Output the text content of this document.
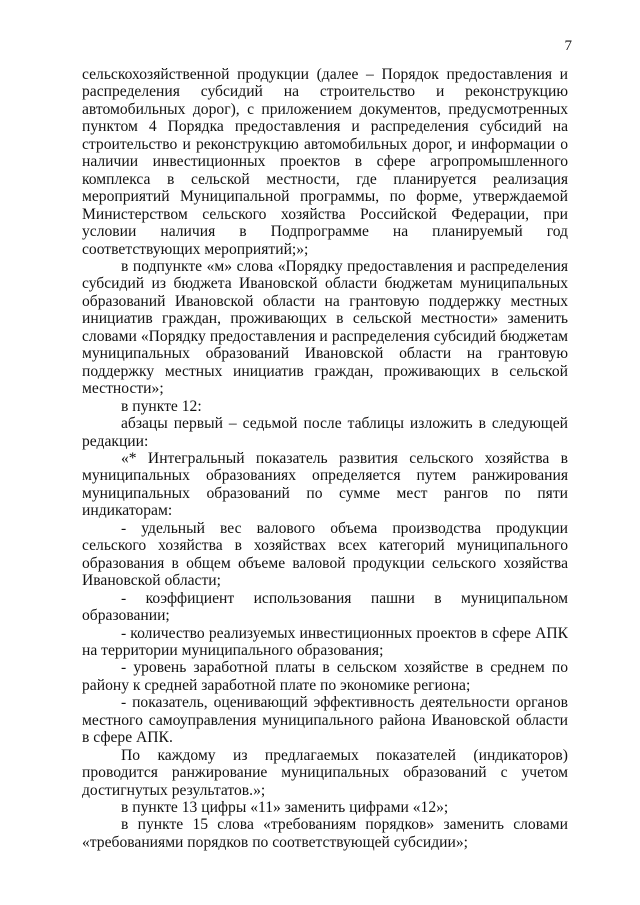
7

сельскохозяйственной продукции (далее – Порядок предоставления и распределения субсидий на строительство и реконструкцию автомобильных дорог), с приложением документов, предусмотренных пунктом 4 Порядка предоставления и распределения субсидий на строительство и реконструкцию автомобильных дорог, и информации о наличии инвестиционных проектов в сфере агропромышленного комплекса в сельской местности, где планируется реализация мероприятий Муниципальной программы, по форме, утверждаемой Министерством сельского хозяйства Российской Федерации, при условии наличия в Подпрограмме на планируемый год соответствующих мероприятий;»;

в подпункте «м» слова «Порядку предоставления и распределения субсидий из бюджета Ивановской области бюджетам муниципальных образований Ивановской области на грантовую поддержку местных инициатив граждан, проживающих в сельской местности» заменить словами «Порядку предоставления и распределения субсидий бюджетам муниципальных образований Ивановской области на грантовую поддержку местных инициатив граждан, проживающих в сельской местности»;

в пункте 12:

абзацы первый – седьмой после таблицы изложить в следующей редакции:

«* Интегральный показатель развития сельского хозяйства в муниципальных образованиях определяется путем ранжирования муниципальных образований по сумме мест рангов по пяти индикаторам:

- удельный вес валового объема производства продукции сельского хозяйства в хозяйствах всех категорий муниципального образования в общем объеме валовой продукции сельского хозяйства Ивановской области;

- коэффициент использования пашни в муниципальном образовании;

- количество реализуемых инвестиционных проектов в сфере АПК на территории муниципального образования;

- уровень заработной платы в сельском хозяйстве в среднем по району к средней заработной плате по экономике региона;

- показатель, оценивающий эффективность деятельности органов местного самоуправления муниципального района Ивановской области в сфере АПК.

По каждому из предлагаемых показателей (индикаторов) проводится ранжирование муниципальных образований с учетом достигнутых результатов.»;

в пункте 13 цифры «11» заменить цифрами «12»;

в пункте 15 слова «требованиям порядков» заменить словами «требованиями порядков по соответствующей субсидии»;
